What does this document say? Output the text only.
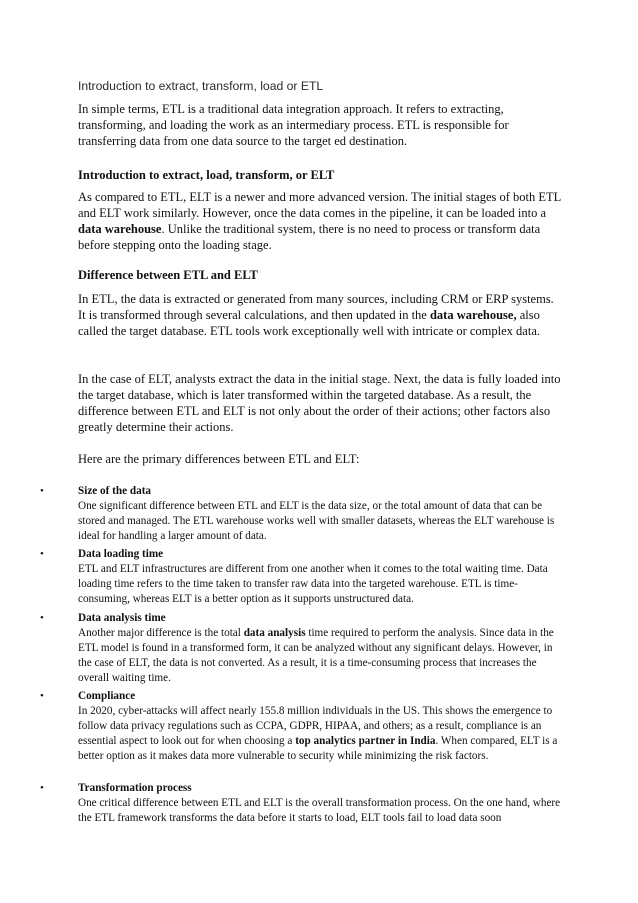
Introduction to extract, transform, load or ETL

In simple terms, ETL is a traditional data integration approach. It refers to extracting, transforming, and loading the work as an intermediary process. ETL is responsible for transferring data from one data source to the target ed destination.

Introduction to extract, load, transform, or ELT

As compared to ETL, ELT is a newer and more advanced version. The initial stages of both ETL and ELT work similarly. However, once the data comes in the pipeline, it can be loaded into a data warehouse. Unlike the traditional system, there is no need to process or transform data before stepping onto the loading stage.

Difference between ETL and ELT

In ETL, the data is extracted or generated from many sources, including CRM or ERP systems. It is transformed through several calculations, and then updated in the data warehouse, also called the target database. ETL tools work exceptionally well with intricate or complex data.

In the case of ELT, analysts extract the data in the initial stage. Next, the data is fully loaded into the target database, which is later transformed within the targeted database. As a result, the difference between ETL and ELT is not only about the order of their actions; other factors also greatly determine their actions.

Here are the primary differences between ETL and ELT:

•	Size of the data
One significant difference between ETL and ELT is the data size, or the total amount of data that can be stored and managed. The ETL warehouse works well with smaller datasets, whereas the ELT warehouse is ideal for handling a larger amount of data.
•	Data loading time
ETL and ELT infrastructures are different from one another when it comes to the total waiting time. Data loading time refers to the time taken to transfer raw data into the targeted warehouse. ETL is time-consuming, whereas ELT is a better option as it supports unstructured data.
•	Data analysis time
Another major difference is the total data analysis time required to perform the analysis. Since data in the ETL model is found in a transformed form, it can be analyzed without any significant delays. However, in the case of ELT, the data is not converted. As a result, it is a time-consuming process that increases the overall waiting time.
•	Compliance
In 2020, cyber-attacks will affect nearly 155.8 million individuals in the US. This shows the emergence to follow data privacy regulations such as CCPA, GDPR, HIPAA, and others; as a result, compliance is an essential aspect to look out for when choosing a top analytics partner in India. When compared, ELT is a better option as it makes data more vulnerable to security while minimizing the risk factors.
•	Transformation process
One critical difference between ETL and ELT is the overall transformation process. On the one hand, where the ETL framework transforms the data before it starts to load, ELT tools fail to load data soon
